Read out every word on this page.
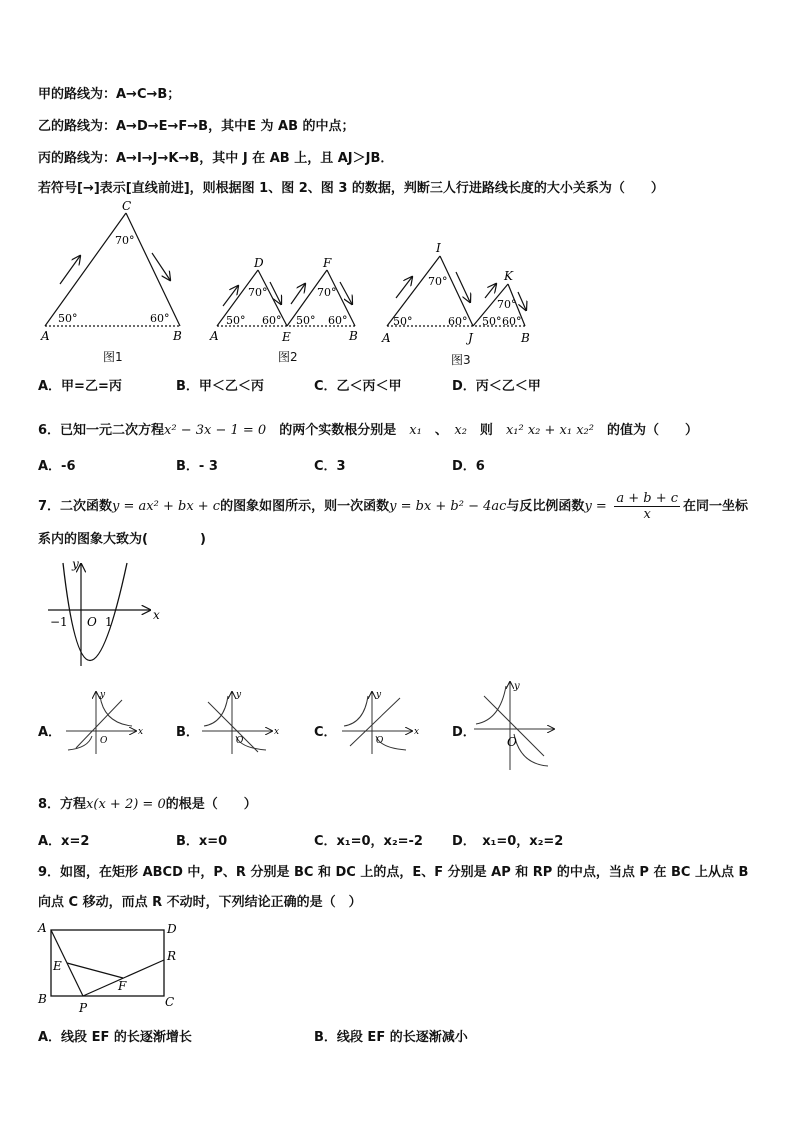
甲的路线为：A→C→B；
乙的路线为：A→D→E→F→B，其中E 为 AB 的中点；
丙的路线为：A→I→J→K→B，其中 J 在 AB 上，且 AJ＞JB．
若符号[→]表示[直线前进]，则根据图 1、图 2、图 3 的数据，判断三人行进路线长度的大小关系为（　　）
A
C
B
70°
50°	60°
A
D
E
F
B
70°	70°
50° 60° 50° 60°
A
I
J
K
B
70°
70°
50°	60° 50° 60°
图1	图2	图3
A．甲=乙=丙	B．甲＜乙＜丙	C．乙＜丙＜甲	D．丙＜乙＜甲
6．已知一元二次方程x² − 3x − 1 = 0　 的两个实数根分别是　 x₁　 、　 x₂　 则　 x₁² x₂ + x₁ x₂²　 的值为（　　）
A．-6	B．- 3	C．3	D．6
7．二次函数y = ax² + bx + c的图象如图所示，则一次函数y = bx + b² − 4ac与反比例函数$y = \frac{a + b + c}{x}$ 在同一坐标
系内的图象大致为(　　　　)
x
y
O
−1	1
A．	B．	C．	D．
O
x
y
O
x
y
O
x
y
O
y
8．方程x(x + 2) = 0的根是（　　）
A．x=2	B．x=0	C．x₁=0，x₂=-2 D．　x₁=0，x₂=2
9．如图，在矩形 ABCD 中，P、R 分别是 BC 和 DC 上的点，E、F 分别是 AP 和 RP 的中点，当点 P 在 BC 上从点 B
向点 C 移动，而点 R 不动时，下列结论正确的是（　）
A	D
B	C
E
F
P
R
A．线段 EF 的长逐渐增长	B．线段 EF 的长逐渐减小
